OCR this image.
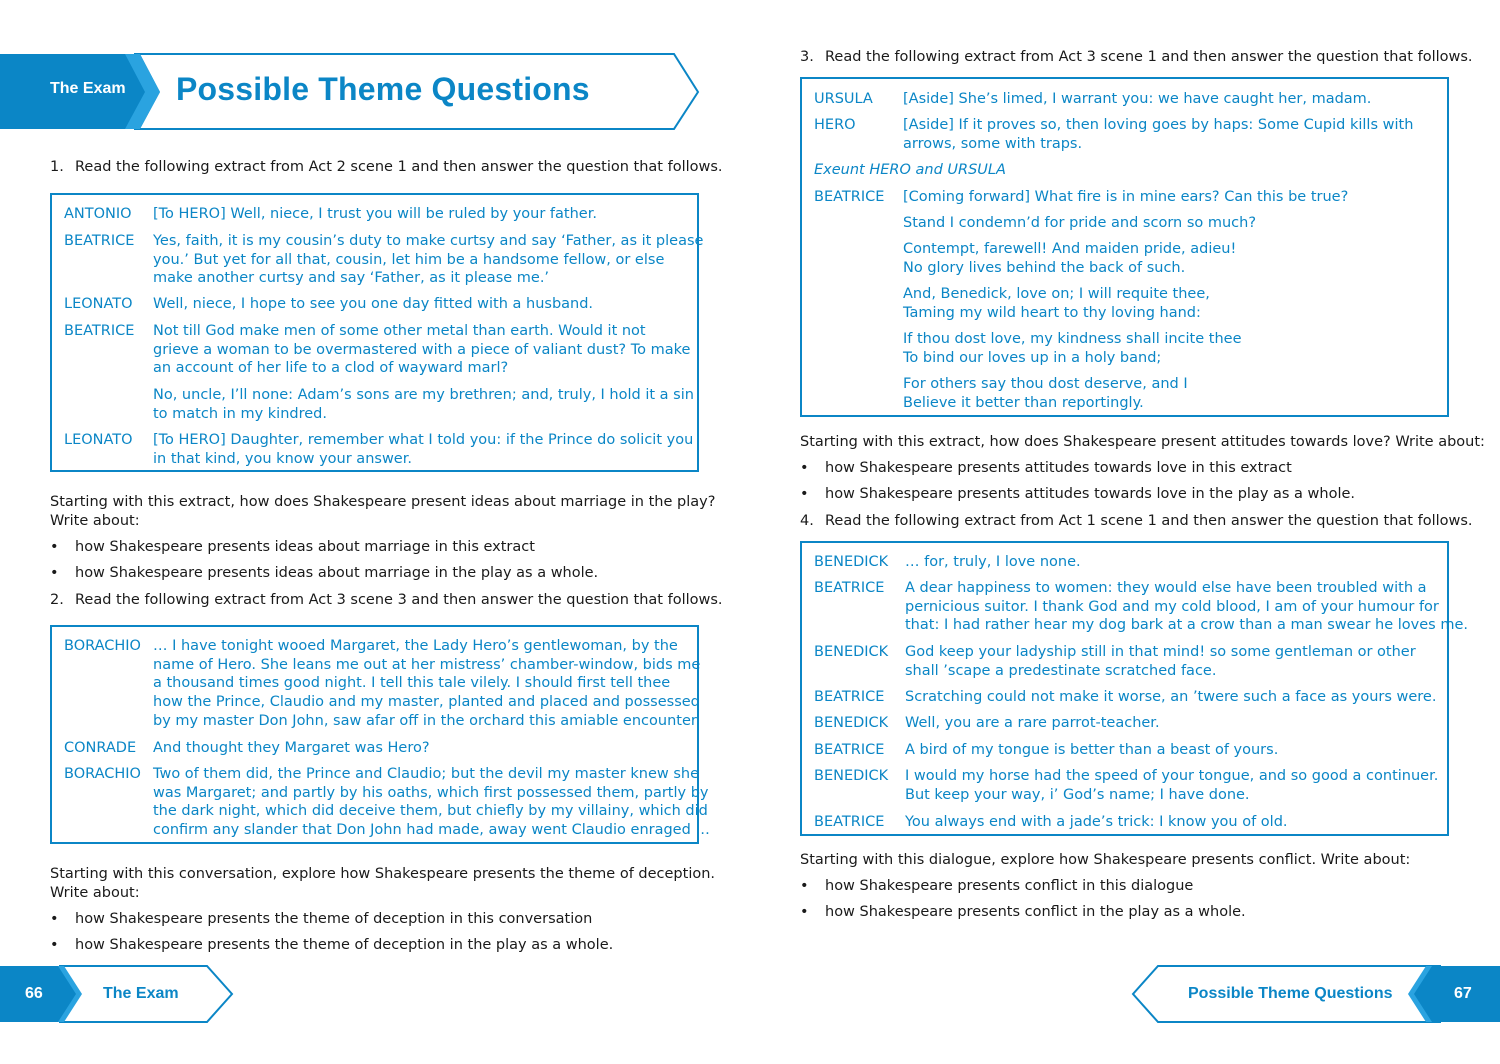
The Exam Possible Theme Questions
1. Read the following extract from Act 2 scene 1 and then answer the question that follows.
ANTONIO [To HERO] Well, niece, I trust you will be ruled by your father.
BEATRICE Yes, faith, it is my cousin’s duty to make curtsy and say ‘Father, as it please
you.’ But yet for all that, cousin, let him be a handsome fellow, or else
make another curtsy and say ‘Father, as it please me.’
LEONATO Well, niece, I hope to see you one day fitted with a husband.
BEATRICE Not till God make men of some other metal than earth. Would it not
grieve a woman to be overmastered with a piece of valiant dust? To make
an account of her life to a clod of wayward marl?
No, uncle, I’ll none: Adam’s sons are my brethren; and, truly, I hold it a sin
to match in my kindred.
LEONATO [To HERO] Daughter, remember what I told you: if the Prince do solicit you
in that kind, you know your answer.
Starting with this extract, how does Shakespeare present ideas about marriage in the play?
Write about:
• how Shakespeare presents ideas about marriage in this extract
• how Shakespeare presents ideas about marriage in the play as a whole.
2. Read the following extract from Act 3 scene 3 and then answer the question that follows.
BORACHIO … I have tonight wooed Margaret, the Lady Hero’s gentlewoman, by the
name of Hero. She leans me out at her mistress’ chamber-window, bids me
a thousand times good night. I tell this tale vilely. I should first tell thee
how the Prince, Claudio and my master, planted and placed and possessed
by my master Don John, saw afar off in the orchard this amiable encounter.
CONRADE And thought they Margaret was Hero?
BORACHIO Two of them did, the Prince and Claudio; but the devil my master knew she
was Margaret; and partly by his oaths, which first possessed them, partly by
the dark night, which did deceive them, but chiefly by my villainy, which did
confirm any slander that Don John had made, away went Claudio enraged …
Starting with this conversation, explore how Shakespeare presents the theme of deception.
Write about:
• how Shakespeare presents the theme of deception in this conversation
• how Shakespeare presents the theme of deception in the play as a whole.
3. Read the following extract from Act 3 scene 1 and then answer the question that follows.
URSULA [Aside] She’s limed, I warrant you: we have caught her, madam.
HERO	[Aside] If it proves so, then loving goes by haps: Some Cupid kills with
arrows, some with traps.
Exeunt HERO and URSULA
BEATRICE [Coming forward] What fire is in mine ears? Can this be true?
Stand I condemn’d for pride and scorn so much?
Contempt, farewell! And maiden pride, adieu!
No glory lives behind the back of such.
And, Benedick, love on; I will requite thee,
Taming my wild heart to thy loving hand:
If thou dost love, my kindness shall incite thee
To bind our loves up in a holy band;
For others say thou dost deserve, and I
Believe it better than reportingly.
Starting with this extract, how does Shakespeare present attitudes towards love? Write about:
• how Shakespeare presents attitudes towards love in this extract
• how Shakespeare presents attitudes towards love in the play as a whole.
4. Read the following extract from Act 1 scene 1 and then answer the question that follows.
BENEDICK … for, truly, I love none.
BEATRICE A dear happiness to women: they would else have been troubled with a
pernicious suitor. I thank God and my cold blood, I am of your humour for
that: I had rather hear my dog bark at a crow than a man swear he loves me.
BENEDICK God keep your ladyship still in that mind! so some gentleman or other
shall ’scape a predestinate scratched face.
BEATRICE Scratching could not make it worse, an ’twere such a face as yours were.
BENEDICK Well, you are a rare parrot-teacher.
BEATRICE A bird of my tongue is better than a beast of yours.
BENEDICK I would my horse had the speed of your tongue, and so good a continuer.
But keep your way, i’ God’s name; I have done.
BEATRICE You always end with a jade’s trick: I know you of old.
Starting with this dialogue, explore how Shakespeare presents conflict. Write about:
• how Shakespeare presents conflict in this dialogue
• how Shakespeare presents conflict in the play as a whole.
66	The Exam	Possible Theme Questions	67
